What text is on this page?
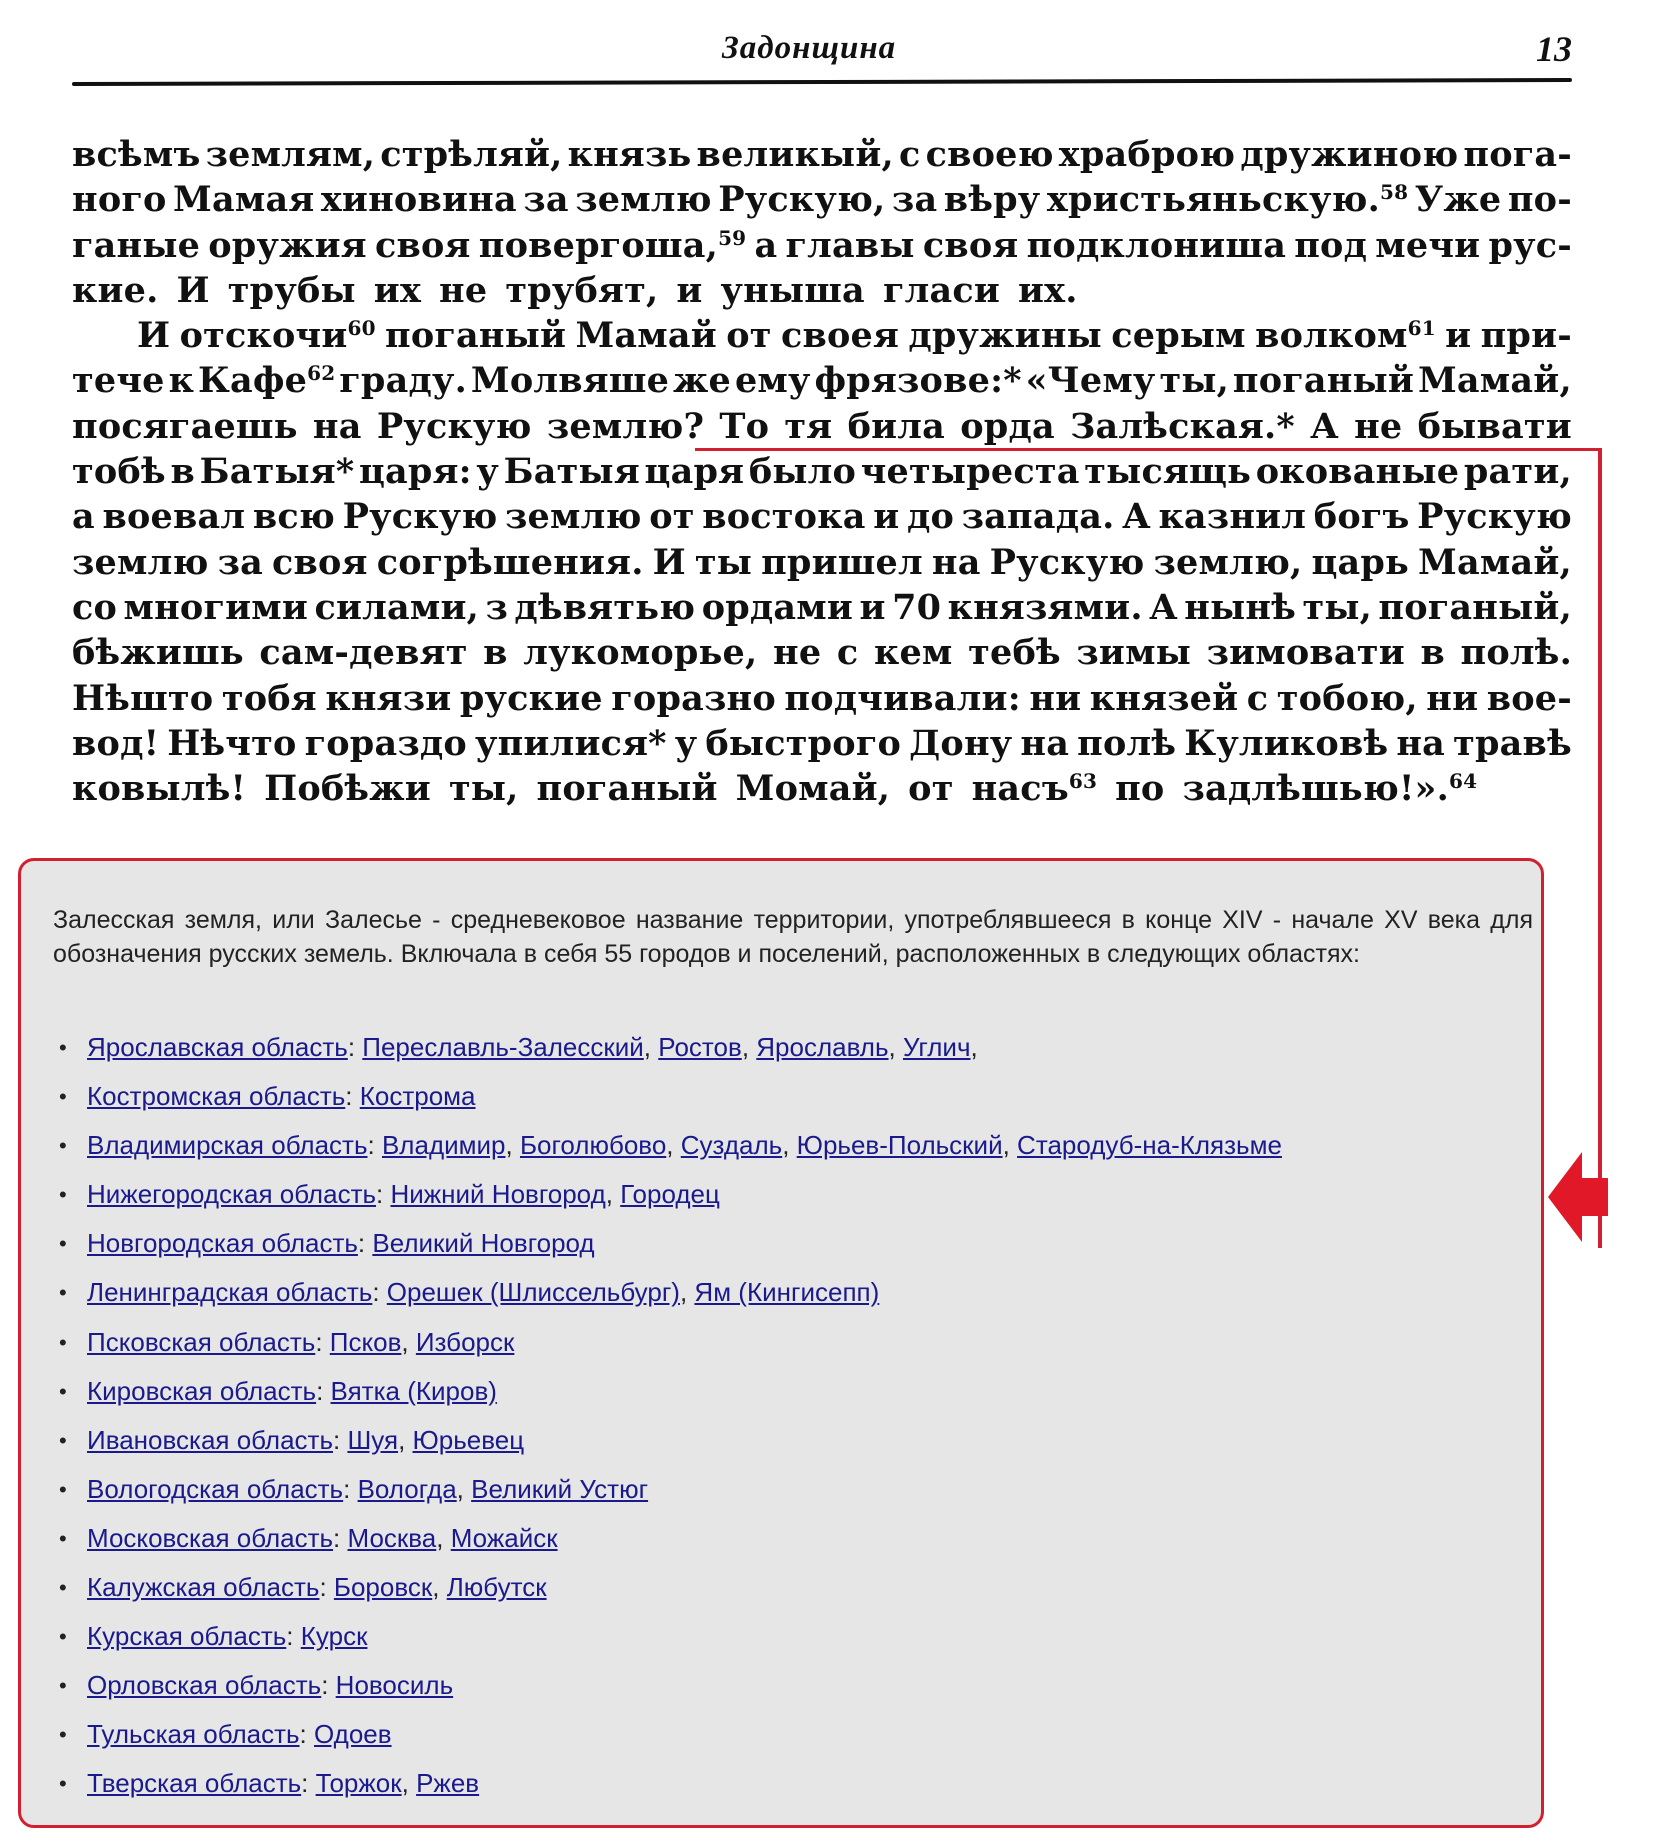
Задонщина	13
всѣмъ землям, стрѣляй, князь великый, с своею храброю дружиною пога-
ного Мамая хиновина за землю Рускую, за вѣру христьяньскую.$^{58}$ Уже по-
ганые оружия своя повергоша,$^{59}$ а главы своя подклониша под мечи рус-
кие. И трубы их не трубят, и уныша гласи их.
И отскочи$^{60}$ поганый Мамай от своея дружины серым волком$^{61}$ и при-
тече к Кафе$^{62}$ граду. Молвяше же ему фрязове:* «Чему ты, поганый Мамай,
посягаешь на Рускую землю? То тя била орда Залѣская.* А не бывати
тобѣ в Батыя* царя: у Батыя царя было четыреста тысящь окованые рати,
а воевал всю Рускую землю от востока и до запада. А казнил богъ Рускую
землю за своя согрѣшения. И ты пришел на Рускую землю, царь Мамай,
со многими силами, з дѣвятью ордами и 70 князями. А нынѣ ты, поганый,
бѣжишь сам-девят в лукоморье, не с кем тебѣ зимы зимовати в полѣ.
Нѣшто тобя князи руские горазно подчивали: ни князей с тобою, ни вое-
вод! Нѣчто гораздо упилися* у быстрого Дону на полѣ Куликовѣ на травѣ
ковылѣ! Побѣжи ты, поганый Момай, от насъ$^{63}$ по задлѣшью!».$^{64}$
Залесская земля, или Залесье - средневековое название территории, употреблявшееся в конце XIV - начале XV века для обозначения русских земель. Включала в себя 55 городов и поселений, расположенных в следующих областях:
• Ярославская область: Переславль-Залесский, Ростов, Ярославль, Углич,
• Костромская область: Кострома
• Владимирская область: Владимир, Боголюбово, Суздаль, Юрьев-Польский, Стародуб-на-Клязьме
• Нижегородская область: Нижний Новгород, Городец
• Новгородская область: Великий Новгород
• Ленинградская область: Орешек (Шлиссельбург), Ям (Кингисепп)
• Псковская область: Псков, Изборск
• Кировская область: Вятка (Киров)
• Ивановская область: Шуя, Юрьевец
• Вологодская область: Вологда, Великий Устюг
• Московская область: Москва, Можайск
• Калужская область: Боровск, Любутск
• Курская область: Курск
• Орловская область: Новосиль
• Тульская область: Одоев
• Тверская область: Торжок, Ржев
